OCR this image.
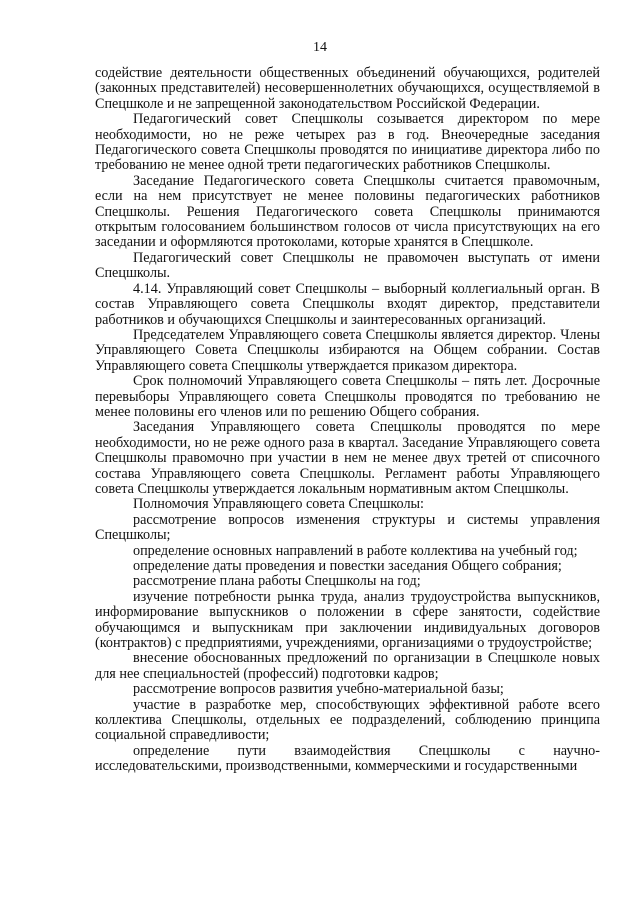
14

содействие деятельности общественных объединений обучающихся, родителей (законных представителей) несовершеннолетних обучающихся, осуществляемой в Спецшколе и не запрещенной законодательством Российской Федерации.

Педагогический совет Спецшколы созывается директором по мере необходимости, но не реже четырех раз в год. Внеочередные заседания Педагогического совета Спецшколы проводятся по инициативе директора либо по требованию не менее одной трети педагогических работников Спецшколы.

Заседание Педагогического совета Спецшколы считается правомочным, если на нем присутствует не менее половины педагогических работников Спецшколы. Решения Педагогического совета Спецшколы принимаются открытым голосованием большинством голосов от числа присутствующих на его заседании и оформляются протоколами, которые хранятся в Спецшколе.

Педагогический совет Спецшколы не правомочен выступать от имени Спецшколы.

4.14. Управляющий совет Спецшколы – выборный коллегиальный орган. В состав Управляющего совета Спецшколы входят директор, представители работников и обучающихся Спецшколы и заинтересованных организаций.

Председателем Управляющего совета Спецшколы является директор. Члены Управляющего Совета Спецшколы избираются на Общем собрании. Состав Управляющего совета Спецшколы утверждается приказом директора.

Срок полномочий Управляющего совета Спецшколы – пять лет. Досрочные перевыборы Управляющего совета Спецшколы проводятся по требованию не менее половины его членов или по решению Общего собрания.

Заседания Управляющего совета Спецшколы проводятся по мере необходимости, но не реже одного раза в квартал. Заседание Управляющего совета Спецшколы правомочно при участии в нем не менее двух третей от списочного состава Управляющего совета Спецшколы. Регламент работы Управляющего совета Спецшколы утверждается локальным нормативным актом Спецшколы.

Полномочия Управляющего совета Спецшколы:

рассмотрение вопросов изменения структуры и системы управления Спецшколы;

определение основных направлений в работе коллектива на учебный год;

определение даты проведения и повестки заседания Общего собрания;

рассмотрение плана работы Спецшколы на год;

изучение потребности рынка труда, анализ трудоустройства выпускников, информирование выпускников о положении в сфере занятости, содействие обучающимся и выпускникам при заключении индивидуальных договоров (контрактов) с предприятиями, учреждениями, организациями о трудоустройстве;

внесение обоснованных предложений по организации в Спецшколе новых для нее специальностей (профессий) подготовки кадров;

рассмотрение вопросов развития учебно-материальной базы;

участие в разработке мер, способствующих эффективной работе всего коллектива Спецшколы, отдельных ее подразделений, соблюдению принципа социальной справедливости;

определение пути взаимодействия Спецшколы с научно-исследовательскими, производственными, коммерческими и государственными
